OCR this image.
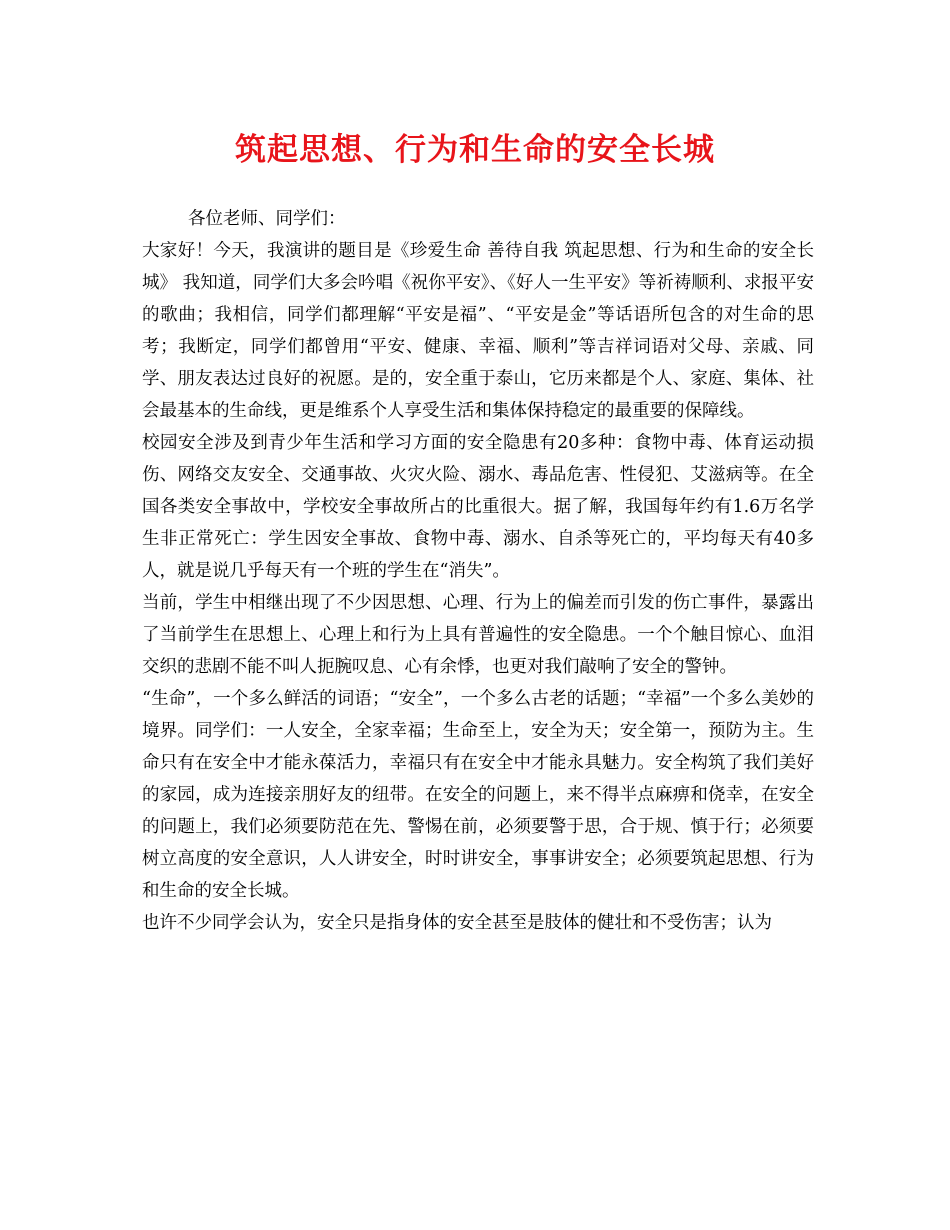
筑起思想、行为和生命的安全长城

各位老师、同学们：

大家好！今天，我演讲的题目是《珍爱生命 善待自我 筑起思想、行为和生命的安全长城》 我知道，同学们大多会吟唱《祝你平安》、《好人一生平安》等祈祷顺利、求报平安的歌曲；我相信，同学们都理解“平安是福”、“平安是金”等话语所包含的对生命的思考；我断定，同学们都曾用“平安、健康、幸福、顺利”等吉祥词语对父母、亲戚、同学、朋友表达过良好的祝愿。是的，安全重于泰山，它历来都是个人、家庭、集体、社会最基本的生命线，更是维系个人享受生活和集体保持稳定的最重要的保障线。

校园安全涉及到青少年生活和学习方面的安全隐患有20多种：食物中毒、体育运动损伤、网络交友安全、交通事故、火灾火险、溺水、毒品危害、性侵犯、艾滋病等。在全国各类安全事故中，学校安全事故所占的比重很大。据了解，我国每年约有1.6万名学生非正常死亡：学生因安全事故、食物中毒、溺水、自杀等死亡的，平均每天有40多人，就是说几乎每天有一个班的学生在“消失”。

当前，学生中相继出现了不少因思想、心理、行为上的偏差而引发的伤亡事件，暴露出了当前学生在思想上、心理上和行为上具有普遍性的安全隐患。一个个触目惊心、血泪交织的悲剧不能不叫人扼腕叹息、心有余悸，也更对我们敲响了安全的警钟。

“生命”，一个多么鲜活的词语；“安全”，一个多么古老的话题；“幸福”一个多么美妙的境界。同学们：一人安全，全家幸福；生命至上，安全为天；安全第一，预防为主。生命只有在安全中才能永葆活力，幸福只有在安全中才能永具魅力。安全构筑了我们美好的家园，成为连接亲朋好友的纽带。在安全的问题上，来不得半点麻痹和侥幸，在安全的问题上，我们必须要防范在先、警惕在前，必须要警于思，合于规、慎于行；必须要树立高度的安全意识，人人讲安全，时时讲安全，事事讲安全；必须要筑起思想、行为和生命的安全长城。

也许不少同学会认为，安全只是指身体的安全甚至是肢体的健壮和不受伤害；认为
